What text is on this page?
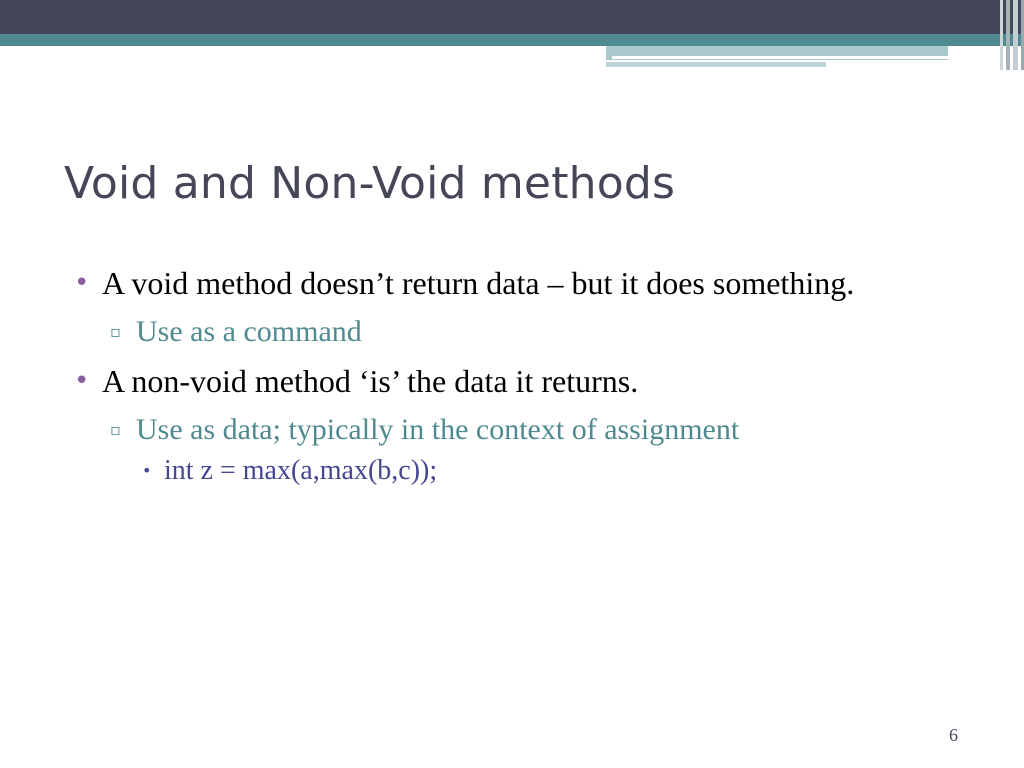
Void and Non-Void methods
• A void method doesn’t return data – but it does something.
▫ Use as a command
• A non-void method ‘is’ the data it returns.
▫ Use as data; typically in the context of assignment
• int z = max(a,max(b,c));
6
